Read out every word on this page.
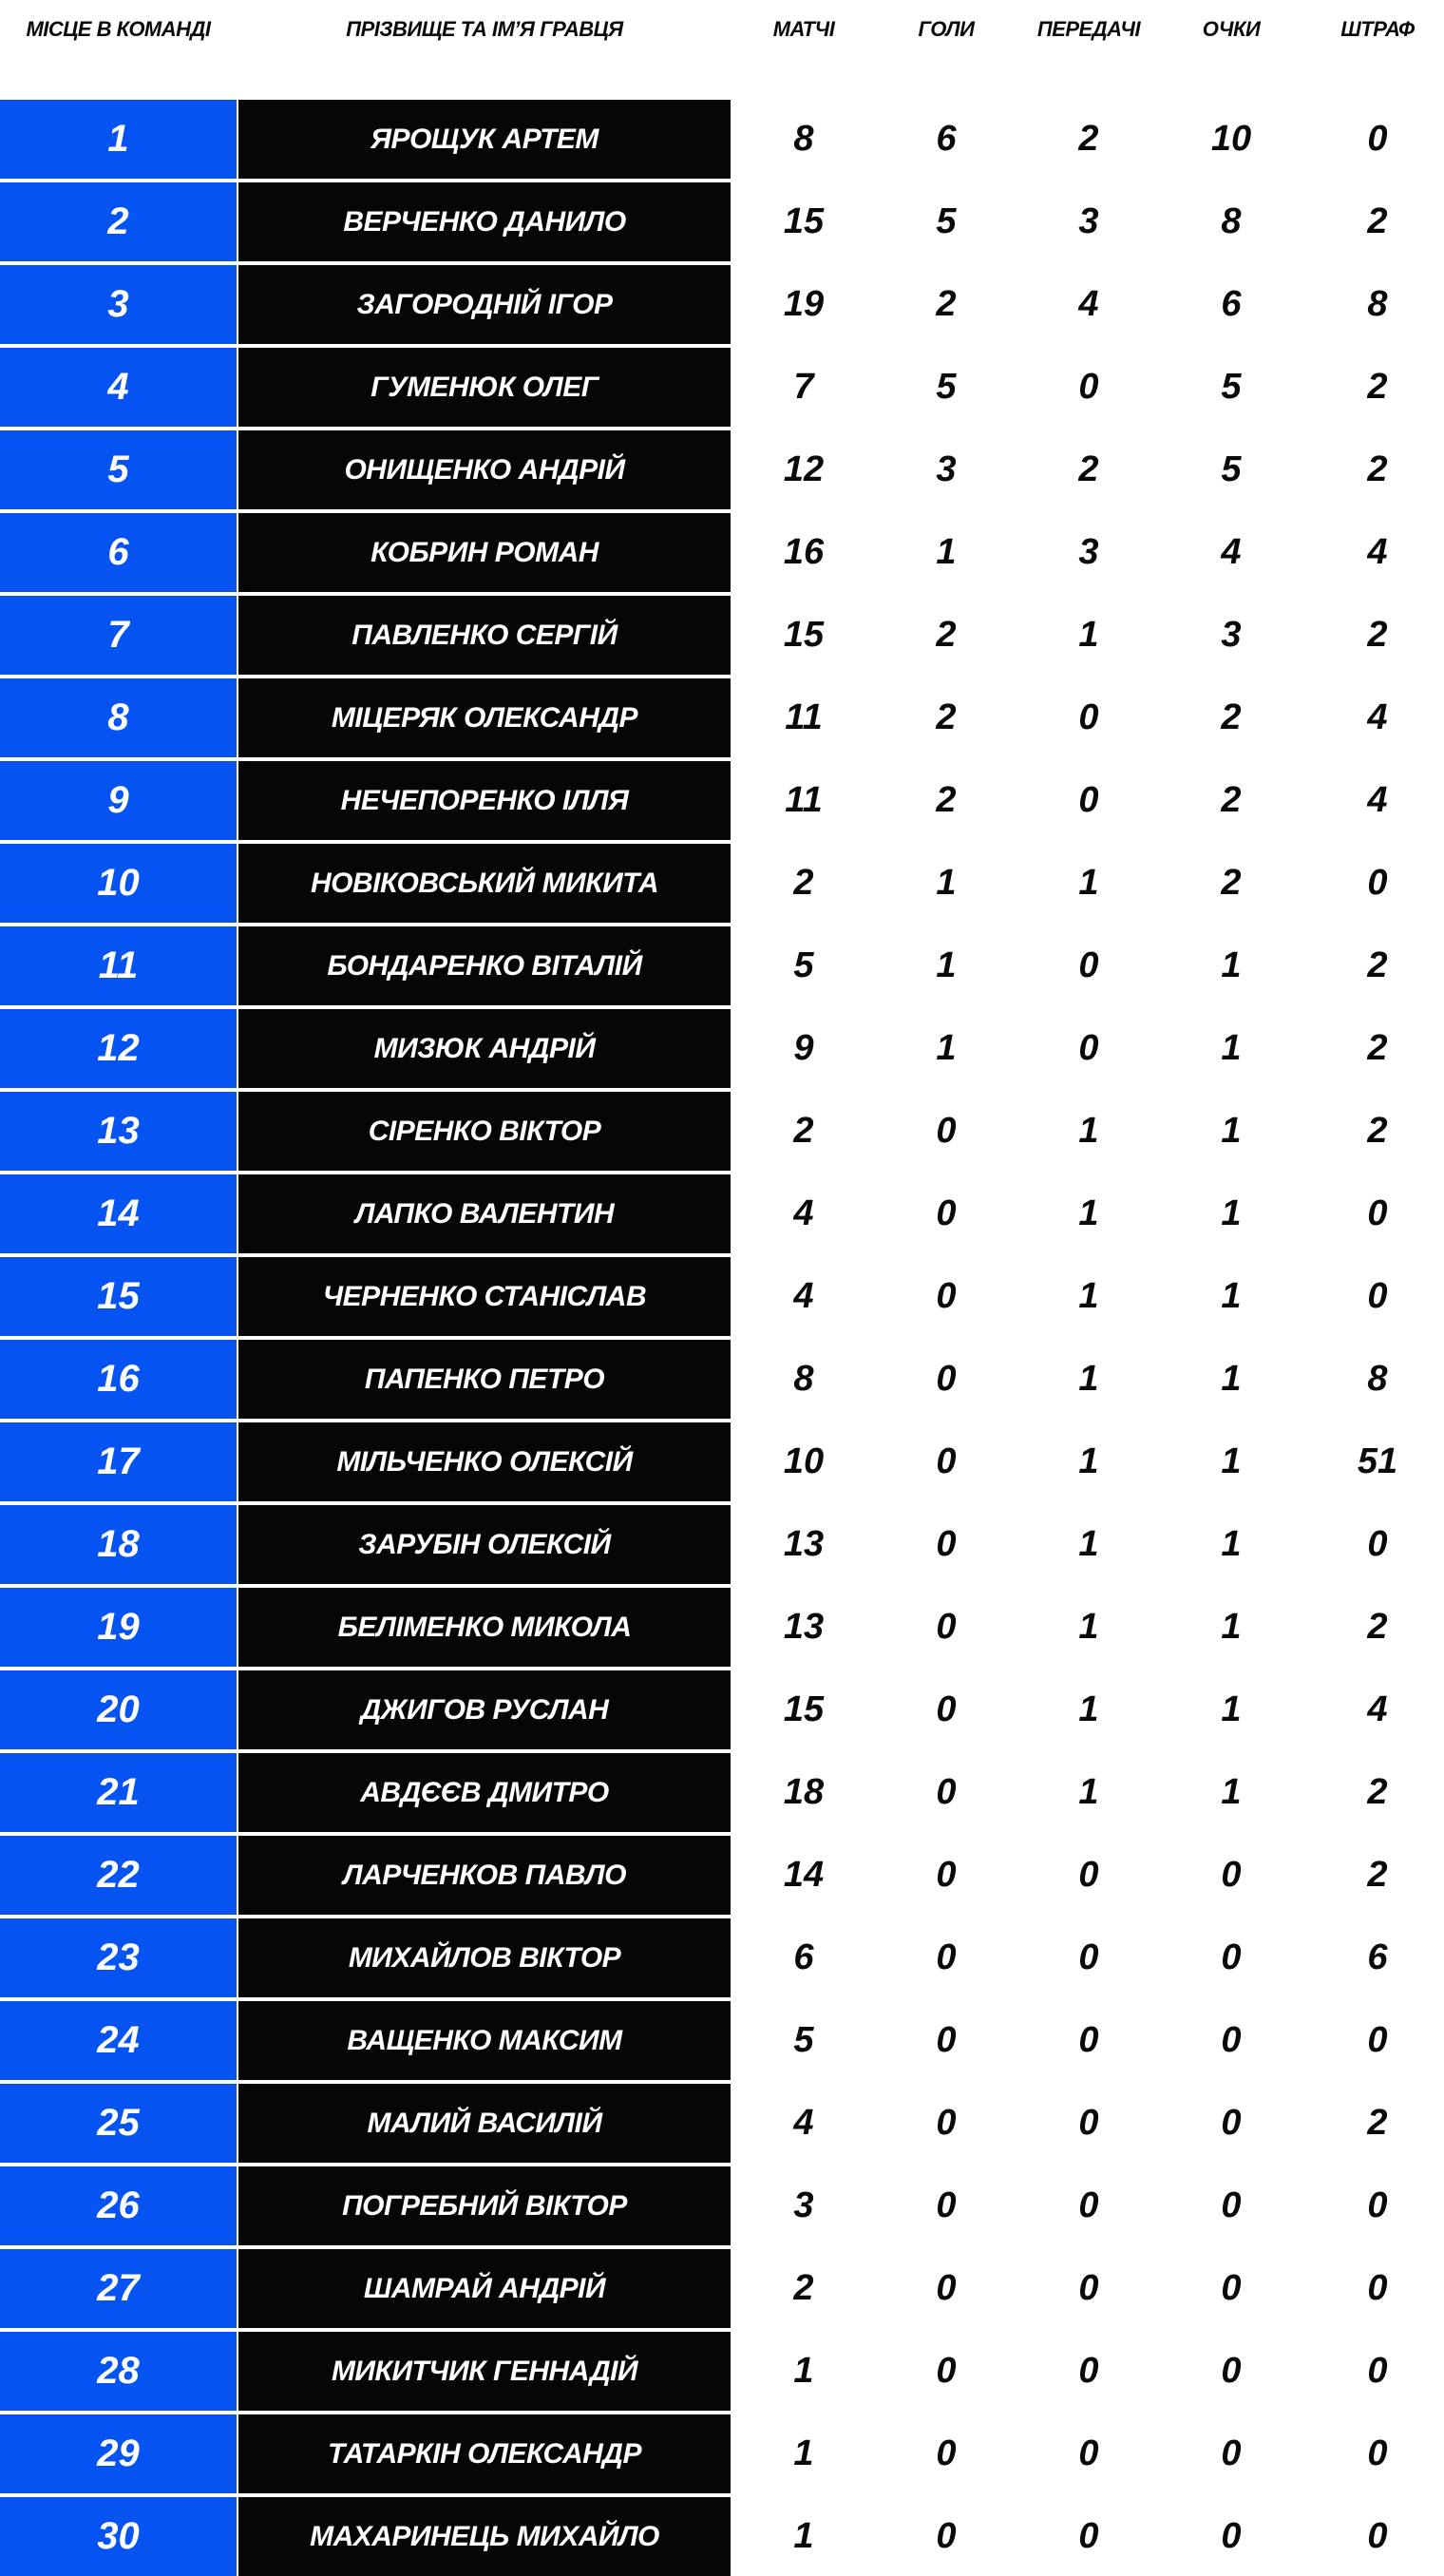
МІСЦЕ В КОМАНДІ	ПРІЗВИЩЕ ТА ІМ’Я ГРАВЦЯ	МАТЧІ	ГОЛИ	ПЕРЕДАЧІ	ОЧКИ	ШТРАФ
1	ЯРОЩУК АРТЕМ	8	6	2	10	0
2	ВЕРЧЕНКО ДАНИЛО	15	5	3	8	2
3	ЗАГОРОДНІЙ ІГОР	19	2	4	6	8
4	ГУМЕНЮК ОЛЕГ	7	5	0	5	2
5	ОНИЩЕНКО АНДРІЙ	12	3	2	5	2
6	КОБРИН РОМАН	16	1	3	4	4
7	ПАВЛЕНКО СЕРГІЙ	15	2	1	3	2
8	МІЦЕРЯК ОЛЕКСАНДР	11	2	0	2	4
9	НЕЧЕПОРЕНКО ІЛЛЯ	11	2	0	2	4
10	НОВІКОВСЬКИЙ МИКИТА	2	1	1	2	0
11	БОНДАРЕНКО ВІТАЛІЙ	5	1	0	1	2
12	МИЗЮК АНДРІЙ	9	1	0	1	2
13	СІРЕНКО ВІКТОР	2	0	1	1	2
14	ЛАПКО ВАЛЕНТИН	4	0	1	1	0
15	ЧЕРНЕНКО СТАНІСЛАВ	4	0	1	1	0
16	ПАПЕНКО ПЕТРО	8	0	1	1	8
17	МІЛЬЧЕНКО ОЛЕКСІЙ	10	0	1	1	51
18	ЗАРУБІН ОЛЕКСІЙ	13	0	1	1	0
19	БЕЛІМЕНКО МИКОЛА	13	0	1	1	2
20	ДЖИГОВ РУСЛАН	15	0	1	1	4
21	АВДЄЄВ ДМИТРО	18	0	1	1	2
22	ЛАРЧЕНКОВ ПАВЛО	14	0	0	0	2
23	МИХАЙЛОВ ВІКТОР	6	0	0	0	6
24	ВАЩЕНКО МАКСИМ	5	0	0	0	0
25	МАЛИЙ ВАСИЛІЙ	4	0	0	0	2
26	ПОГРЕБНИЙ ВІКТОР	3	0	0	0	0
27	ШАМРАЙ АНДРІЙ	2	0	0	0	0
28	МИКИТЧИК ГЕННАДІЙ	1	0	0	0	0
29	ТАТАРКІН ОЛЕКСАНДР	1	0	0	0	0
30	МАХАРИНЕЦЬ МИХАЙЛО	1	0	0	0	0
